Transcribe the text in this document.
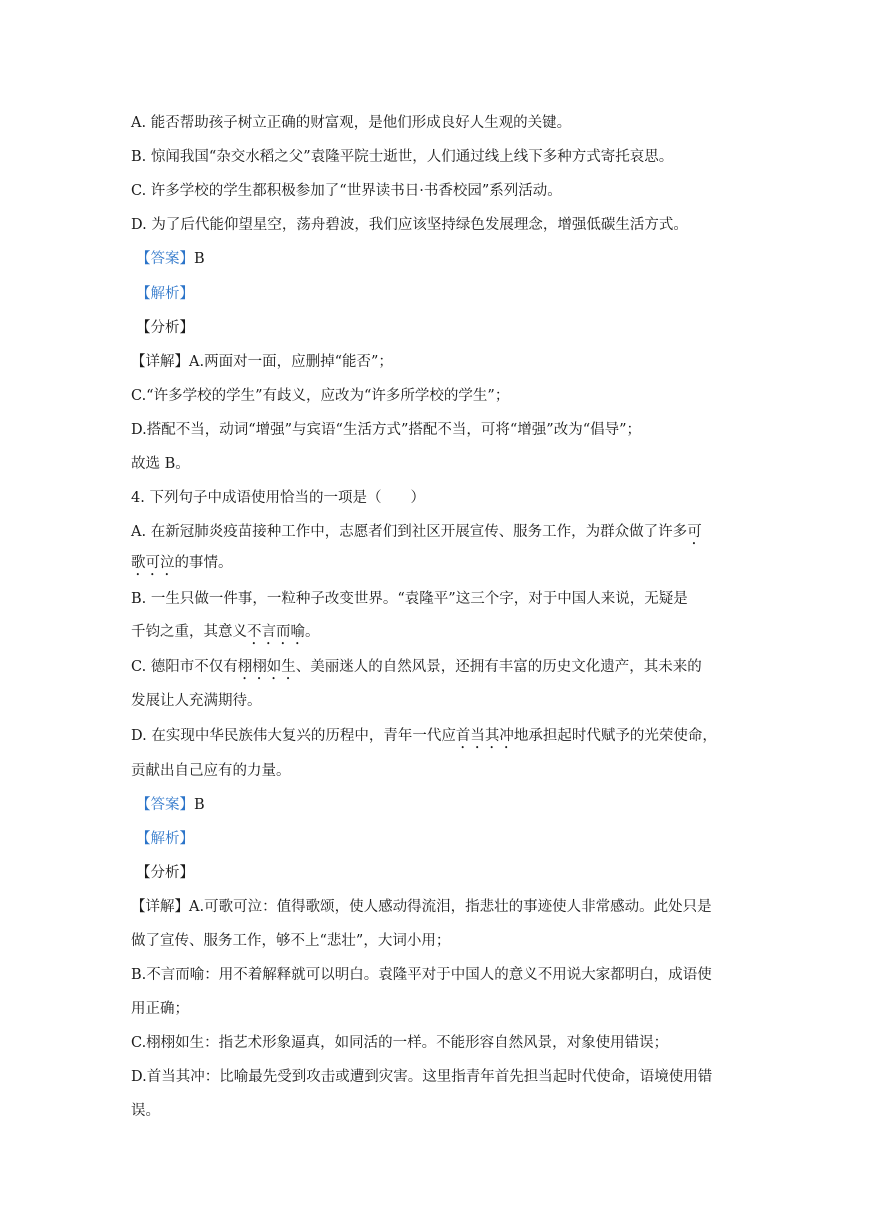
A. 能否帮助孩子树立正确的财富观，是他们形成良好人生观的关键。
B. 惊闻我国“杂交水稻之父”袁隆平院士逝世，人们通过线上线下多种方式寄托哀思。
C. 许多学校的学生都积极参加了“世界读书日·书香校园”系列活动。
D. 为了后代能仰望星空，荡舟碧波，我们应该坚持绿色发展理念，增强低碳生活方式。
【答案】B
【解析】
【分析】
【详解】A.两面对一面，应删掉“能否”；
C.“许多学校的学生”有歧义，应改为“许多所学校的学生”；
D.搭配不当，动词“增强”与宾语“生活方式”搭配不当，可将“增强”改为“倡导”；
故选 B。
4. 下列句子中成语使用恰当的一项是（　　）
A. 在新冠肺炎疫苗接种工作中，志愿者们到社区开展宣传、服务工作，为群众做了许多可
歌可泣的事情。
B. 一生只做一件事，一粒种子改变世界。“袁隆平”这三个字，对于中国人来说，无疑是
千钧之重，其意义不言而喻。
C. 德阳市不仅有栩栩如生、美丽迷人的自然风景，还拥有丰富的历史文化遗产，其未来的
发展让人充满期待。
D. 在实现中华民族伟大复兴的历程中，青年一代应首当其冲地承担起时代赋予的光荣使命，
贡献出自己应有的力量。
【答案】B
【解析】
【分析】
【详解】A.可歌可泣：值得歌颂，使人感动得流泪，指悲壮的事迹使人非常感动。此处只是
做了宣传、服务工作，够不上“悲壮”，大词小用；
B.不言而喻：用不着解释就可以明白。袁隆平对于中国人的意义不用说大家都明白，成语使
用正确；
C.栩栩如生：指艺术形象逼真，如同活的一样。不能形容自然风景，对象使用错误；
D.首当其冲：比喻最先受到攻击或遭到灾害。这里指青年首先担当起时代使命，语境使用错
误。
